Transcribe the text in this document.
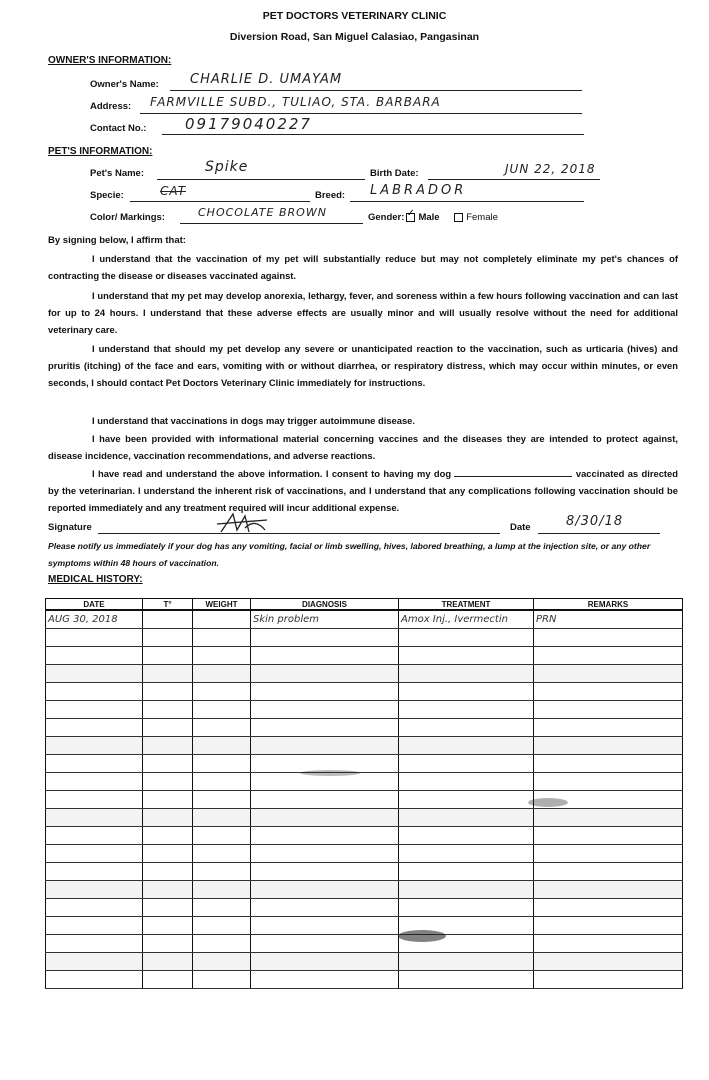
PET DOCTORS VETERINARY CLINIC
Diversion Road, San Miguel Calasiao, Pangasinan
OWNER'S INFORMATION:
Owner's Name: CHARLIE D. UMAYAM
Address: FARMVILLE SUBD., TULIAO, STA. BARBARA
Contact No.:	09179040227
PET'S INFORMATION:
Pet's Name:	Spike	Birth Date:	JUN 22, 2018
Specie:	CAT	Breed: LABRADOR
Color/ Markings:	CHOCOLATE BROWN	Gender: ✓ Male	Female
By signing below, I affirm that:
I understand that the vaccination of my pet will substantially reduce but may not completely eliminate my pet's chances of contracting the disease or diseases vaccinated against.
I understand that my pet may develop anorexia, lethargy, fever, and soreness within a few hours following vaccination and can last for up to 24 hours. I understand that these adverse effects are usually minor and will usually resolve without the need for additional veterinary care.
I understand that should my pet develop any severe or unanticipated reaction to the vaccination, such as urticaria (hives) and pruritis (itching) of the face and ears, vomiting with or without diarrhea, or respiratory distress, which may occur within minutes, or even seconds, I should contact Pet Doctors Veterinary Clinic immediately for instructions.
I understand that vaccinations in dogs may trigger autoimmune disease.
I have been provided with informational material concerning vaccines and the diseases they are intended to protect against, disease incidence, vaccination recommendations, and adverse reactions.
I have read and understand the above information. I consent to having my dog	vaccinated as directed by the veterinarian. I understand the inherent risk of vaccinations, and I understand that any complications following vaccination should be reported immediately and any treatment required will incur additional expense.
Signature	Date	8/30/18
Please notify us immediately if your dog has any vomiting, facial or limb swelling, hives, labored breathing, a lump at the injection site, or any other symptoms within 48 hours of vaccination.
MEDICAL HISTORY:
DATE	T°	WEIGHT	DIAGNOSIS	TREATMENT	REMARKS
AUG 30, 2018			Skin problem	Amox Inj., Ivermectin	PRN
